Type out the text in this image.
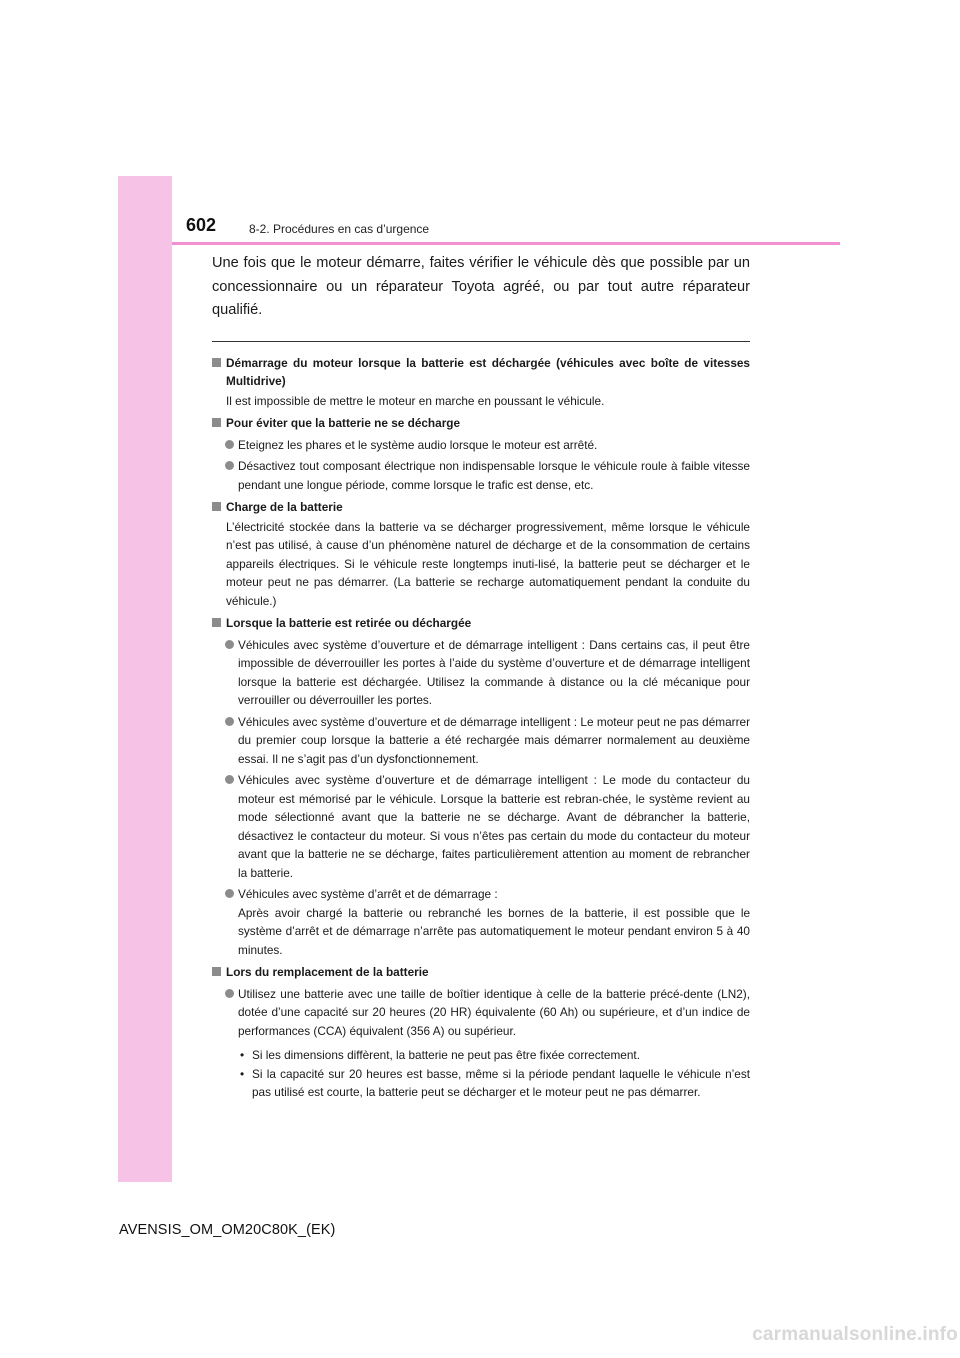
602	8-2. Procédures en cas d’urgence

Une fois que le moteur démarre, faites vérifier le véhicule dès que possible par un concessionnaire ou un réparateur Toyota agréé, ou par tout autre réparateur qualifié.

Démarrage du moteur lorsque la batterie est déchargée (véhicules avec boîte de vitesses Multidrive)
Il est impossible de mettre le moteur en marche en poussant le véhicule.
Pour éviter que la batterie ne se décharge
Eteignez les phares et le système audio lorsque le moteur est arrêté.
Désactivez tout composant électrique non indispensable lorsque le véhicule roule à faible vitesse pendant une longue période, comme lorsque le trafic est dense, etc.
Charge de la batterie
L’électricité stockée dans la batterie va se décharger progressivement, même lorsque le véhicule n’est pas utilisé, à cause d’un phénomène naturel de décharge et de la consommation de certains appareils électriques. Si le véhicule reste longtemps inuti-lisé, la batterie peut se décharger et le moteur peut ne pas démarrer. (La batterie se recharge automatiquement pendant la conduite du véhicule.)
Lorsque la batterie est retirée ou déchargée
Véhicules avec système d’ouverture et de démarrage intelligent : Dans certains cas, il peut être impossible de déverrouiller les portes à l’aide du système d’ouverture et de démarrage intelligent lorsque la batterie est déchargée. Utilisez la commande à distance ou la clé mécanique pour verrouiller ou déverrouiller les portes.
Véhicules avec système d’ouverture et de démarrage intelligent : Le moteur peut ne pas démarrer du premier coup lorsque la batterie a été rechargée mais démarrer normalement au deuxième essai. Il ne s’agit pas d’un dysfonctionnement.
Véhicules avec système d’ouverture et de démarrage intelligent : Le mode du contacteur du moteur est mémorisé par le véhicule. Lorsque la batterie est rebran-chée, le système revient au mode sélectionné avant que la batterie ne se décharge. Avant de débrancher la batterie, désactivez le contacteur du moteur. Si vous n’êtes pas certain du mode du contacteur du moteur avant que la batterie ne se décharge, faites particulièrement attention au moment de rebrancher la batterie.
Véhicules avec système d’arrêt et de démarrage :
Après avoir chargé la batterie ou rebranché les bornes de la batterie, il est possible que le système d’arrêt et de démarrage n’arrête pas automatiquement le moteur pendant environ 5 à 40 minutes.
Lors du remplacement de la batterie
Utilisez une batterie avec une taille de boîtier identique à celle de la batterie précé-dente (LN2), dotée d’une capacité sur 20 heures (20 HR) équivalente (60 Ah) ou supérieure, et d’un indice de performances (CCA) équivalent (356 A) ou supérieur.
• Si les dimensions diffèrent, la batterie ne peut pas être fixée correctement.
• Si la capacité sur 20 heures est basse, même si la période pendant laquelle le véhicule n’est pas utilisé est courte, la batterie peut se décharger et le moteur peut ne pas démarrer.
AVENSIS_OM_OM20C80K_(EK)
carmanualsonline.info
